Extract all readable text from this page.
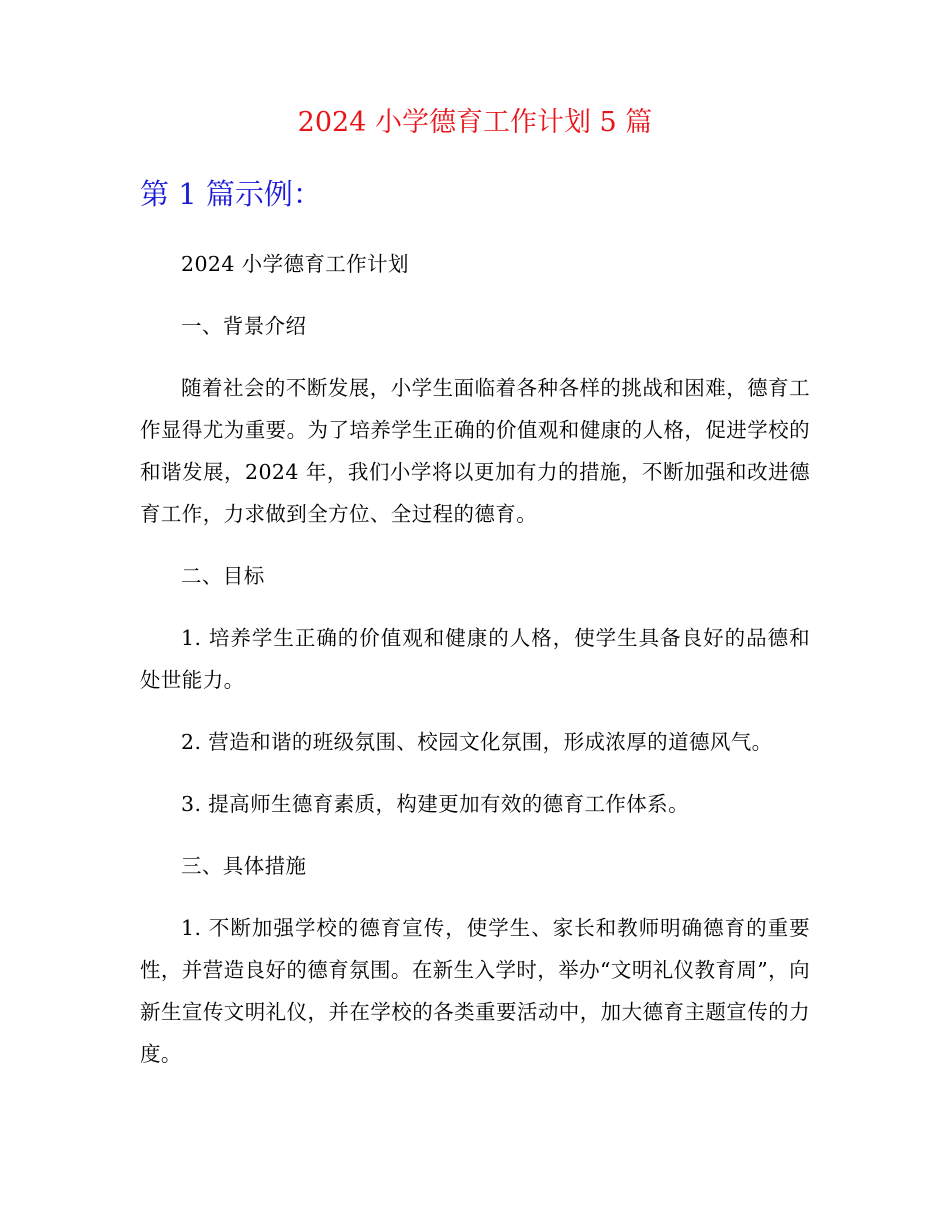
2024 小学德育工作计划 5 篇
第 1 篇示例：

2024 小学德育工作计划

一、背景介绍

随着社会的不断发展，小学生面临着各种各样的挑战和困难，德育工作显得尤为重要。为了培养学生正确的价值观和健康的人格，促进学校的和谐发展，2024 年，我们小学将以更加有力的措施，不断加强和改进德育工作，力求做到全方位、全过程的德育。

二、目标

1. 培养学生正确的价值观和健康的人格，使学生具备良好的品德和处世能力。

2. 营造和谐的班级氛围、校园文化氛围，形成浓厚的道德风气。

3. 提高师生德育素质，构建更加有效的德育工作体系。

三、具体措施

1. 不断加强学校的德育宣传，使学生、家长和教师明确德育的重要性，并营造良好的德育氛围。在新生入学时，举办“文明礼仪教育周”，向新生宣传文明礼仪，并在学校的各类重要活动中，加大德育主题宣传的力度。
